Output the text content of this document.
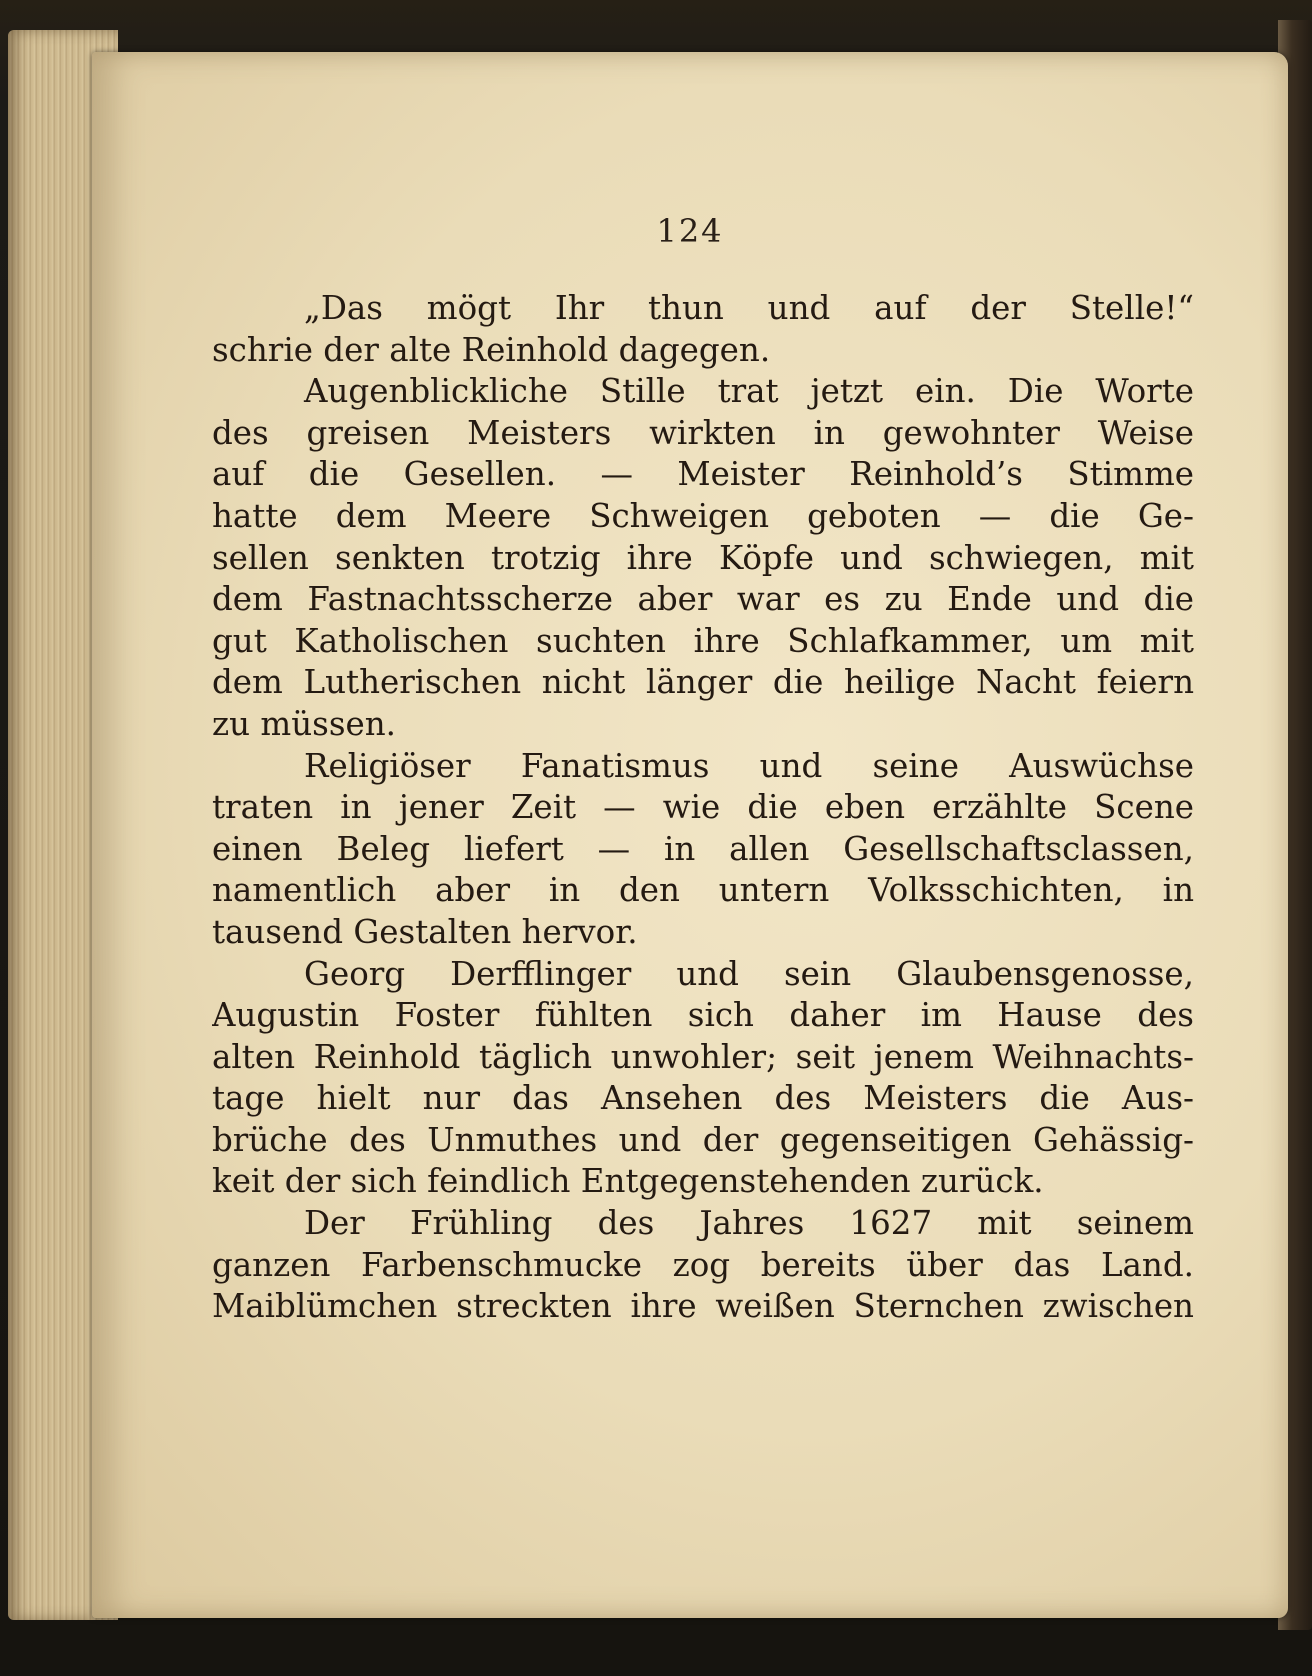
124
„Das mögt Ihr thun und auf der Stelle!“
schrie der alte Reinhold dagegen.
Augenblickliche Stille trat jetzt ein. Die Worte
des greisen Meisters wirkten in gewohnter Weise
auf die Gesellen. — Meister Reinhold’s Stimme
hatte dem Meere Schweigen geboten — die Ge-
sellen senkten trotzig ihre Köpfe und schwiegen, mit
dem Fastnachtsscherze aber war es zu Ende und die
gut Katholischen suchten ihre Schlafkammer, um mit
dem Lutherischen nicht länger die heilige Nacht feiern
zu müssen.
Religiöser Fanatismus und seine Auswüchse
traten in jener Zeit — wie die eben erzählte Scene
einen Beleg liefert — in allen Gesellschaftsclassen,
namentlich aber in den untern Volksschichten, in
tausend Gestalten hervor.
Georg Derfflinger und sein Glaubensgenosse,
Augustin Foster fühlten sich daher im Hause des
alten Reinhold täglich unwohler; seit jenem Weihnachts-
tage hielt nur das Ansehen des Meisters die Aus-
brüche des Unmuthes und der gegenseitigen Gehässig-
keit der sich feindlich Entgegenstehenden zurück.
Der Frühling des Jahres 1627 mit seinem
ganzen Farbenschmucke zog bereits über das Land.
Maiblümchen streckten ihre weißen Sternchen zwischen
